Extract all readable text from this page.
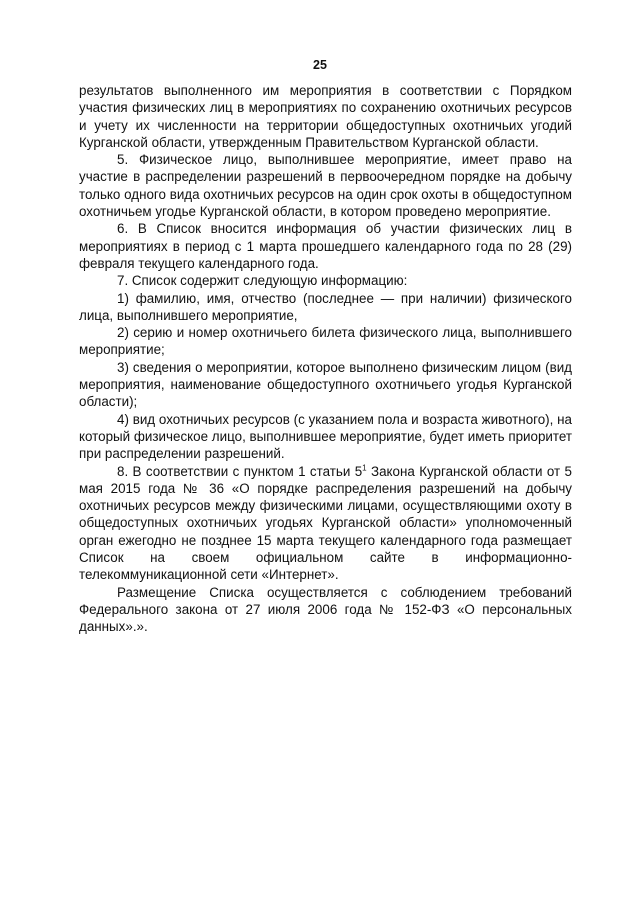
25

результатов выполненного им мероприятия в соответствии с Порядком участия физических лиц в мероприятиях по сохранению охотничьих ресурсов и учету их численности на территории общедоступных охотничьих угодий Курганской области, утвержденным Правительством Курганской области.

5. Физическое лицо, выполнившее мероприятие, имеет право на участие в распределении разрешений в первоочередном порядке на добычу только одного вида охотничьих ресурсов на один срок охоты в общедоступном охотничьем угодье Курганской области, в котором проведено мероприятие.

6. В Список вносится информация об участии физических лиц в мероприятиях в период с 1 марта прошедшего календарного года по 28 (29) февраля текущего календарного года.

7. Список содержит следующую информацию:

1) фамилию, имя, отчество (последнее — при наличии) физического лица, выполнившего мероприятие,

2) серию и номер охотничьего билета физического лица, выполнившего мероприятие;

3) сведения о мероприятии, которое выполнено физическим лицом (вид мероприятия, наименование общедоступного охотничьего угодья Курганской области);

4) вид охотничьих ресурсов (с указанием пола и возраста животного), на который физическое лицо, выполнившее мероприятие, будет иметь приоритет при распределении разрешений.

8. В соответствии с пунктом 1 статьи $5^1$ Закона Курганской области от 5 мая 2015 года № 36 «О порядке распределения разрешений на добычу охотничьих ресурсов между физическими лицами, осуществляющими охоту в общедоступных охотничьих угодьях Курганской области» уполномоченный орган ежегодно не позднее 15 марта текущего календарного года размещает Список на своем официальном сайте в информационно-телекоммуникационной сети «Интернет».

Размещение Списка осуществляется с соблюдением требований Федерального закона от 27 июля 2006 года № 152-ФЗ «О персональных данных».».
